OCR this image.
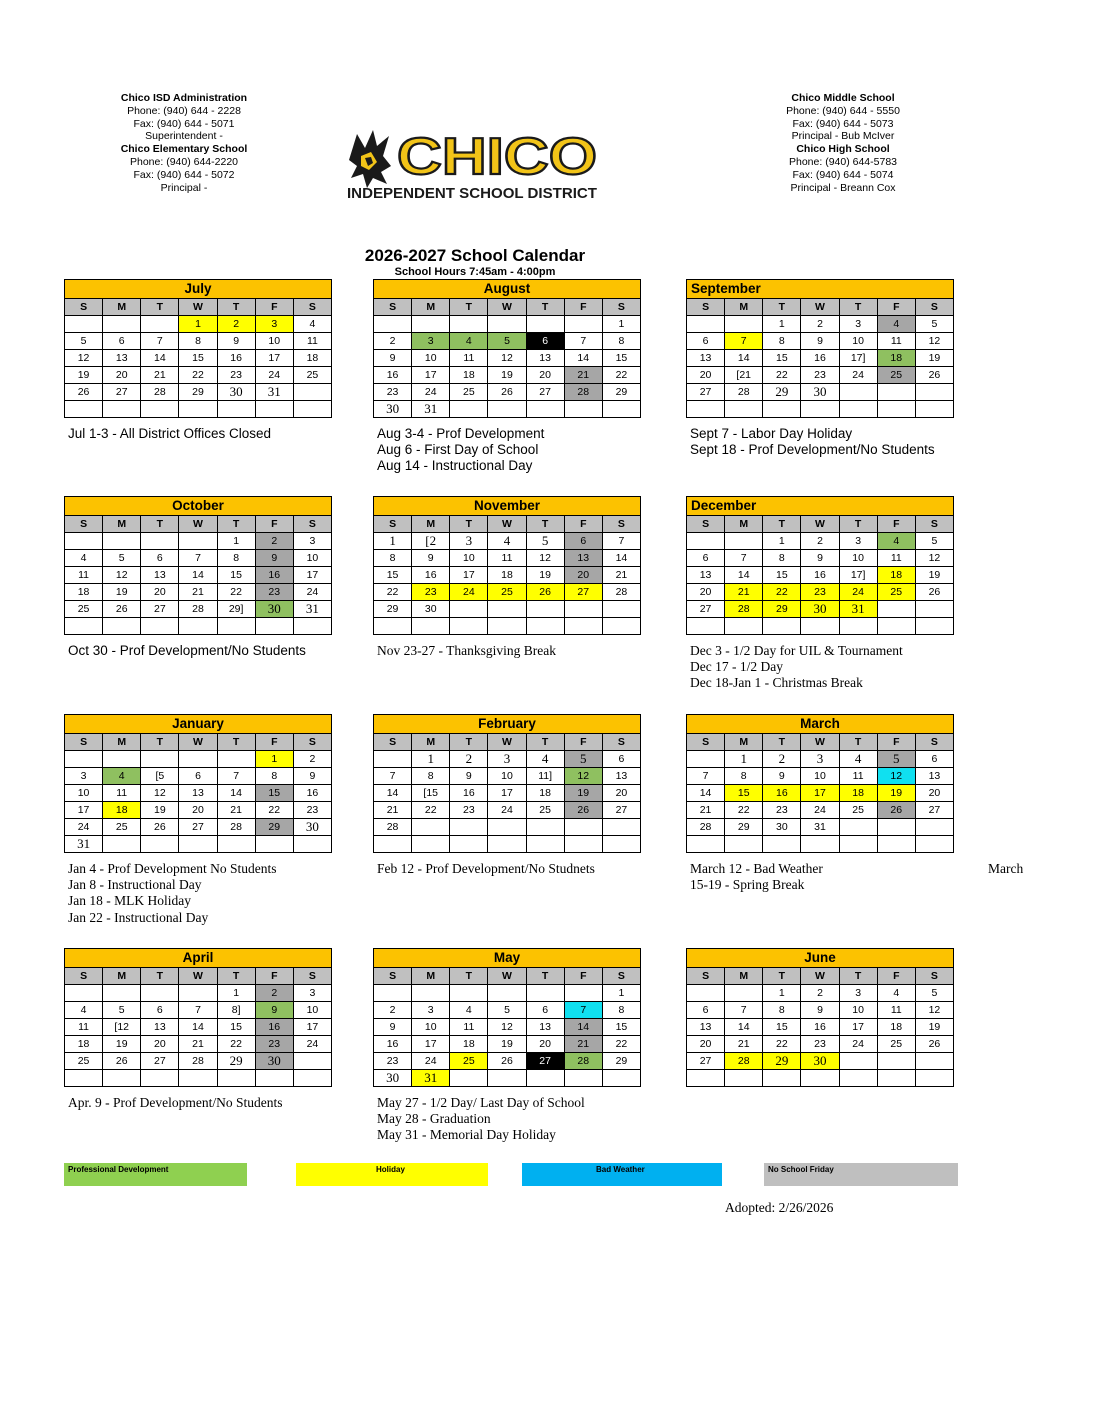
Chico ISD Administration
Phone: (940) 644 - 2228
Fax: (940) 644 - 5071
Superintendent -
Chico Elementary School
Phone: (940) 644-2220
Fax: (940) 644 - 5072
Principal -
Chico Middle School
Phone: (940) 644 - 5550
Fax: (940) 644 - 5073
Principal - Bub McIver
Chico High School
Phone: (940) 644-5783
Fax: (940) 644 - 5074
Principal - Breann Cox
CHICO
INDEPENDENT SCHOOL DISTRICT
2026-2027 School Calendar
School Hours 7:45am - 4:00pm
July						
S	M	T	W	T	F	S
			1	2	3	4
5	6	7	8	9	10	11
12	13	14	15	16	17	18
19	20	21	22	23	24	25
26	27	28	29	30	31	

Jul 1-3 - All District Offices Closed
August						
S	M	T	W	T	F	S
						1
2	3	4	5	6	7	8
9	10	11	12	13	14	15
16	17	18	19	20	21	22
23	24	25	26	27	28	29
30	31					
Aug 3-4 - Prof Development
Aug 6 - First Day of School
Aug 14 - Instructional Day
September						
S	M	T	W	T	F	S
		1	2	3	4	5
6	7	8	9	10	11	12
13	14	15	16	17]	18	19
20	[21	22	23	24	25	26
27	28	29	30			

Sept 7 - Labor Day Holiday
Sept 18 - Prof Development/No Students
October						
S	M	T	W	T	F	S
				1	2	3
4	5	6	7	8	9	10
11	12	13	14	15	16	17
18	19	20	21	22	23	24
25	26	27	28	29]	30	31

Oct 30 - Prof Development/No Students
November						
S	M	T	W	T	F	S
1	[2	3	4	5	6	7
8	9	10	11	12	13	14
15	16	17	18	19	20	21
22	23	24	25	26	27	28
29	30					

Nov 23-27 - Thanksgiving Break
December						
S	M	T	W	T	F	S
		1	2	3	4	5
6	7	8	9	10	11	12
13	14	15	16	17]	18	19
20	21	22	23	24	25	26
27	28	29	30	31		

Dec 3 - 1/2 Day for UIL & Tournament
Dec 17 - 1/2 Day
Dec 18-Jan 1 - Christmas Break
January						
S	M	T	W	T	F	S
					1	2
3	4	[5	6	7	8	9
10	11	12	13	14	15	16
17	18	19	20	21	22	23
24	25	26	27	28	29	30
31						
Jan 4 - Prof Development No Students
Jan 8 - Instructional Day
Jan 18 - MLK Holiday
Jan 22 - Instructional Day
February						
S	M	T	W	T	F	S
	1	2	3	4	5	6
7	8	9	10	11]	12	13
14	[15	16	17	18	19	20
21	22	23	24	25	26	27
28						

Feb 12 - Prof Development/No Studnets
March						
S	M	T	W	T	F	S
	1	2	3	4	5	6
7	8	9	10	11	12	13
14	15	16	17	18	19	20
21	22	23	24	25	26	27
28	29	30	31			

March 12 - Bad Weather
15-19 - Spring Break
April						
S	M	T	W	T	F	S
				1	2	3
4	5	6	7	8]	9	10
11	[12	13	14	15	16	17
18	19	20	21	22	23	24
25	26	27	28	29	30	

Apr. 9 - Prof Development/No Students
May						
S	M	T	W	T	F	S
						1
2	3	4	5	6	7	8
9	10	11	12	13	14	15
16	17	18	19	20	21	22
23	24	25	26	27	28	29
30	31					
May 27 - 1/2 Day/ Last Day of School
May 28 - Graduation
May 31 - Memorial Day Holiday
June						
S	M	T	W	T	F	S
		1	2	3	4	5
6	7	8	9	10	11	12
13	14	15	16	17	18	19
20	21	22	23	24	25	26
27	28	29	30			

March
Professional Development	Holiday	Bad Weather	No School Friday
Adopted: 2/26/2026
